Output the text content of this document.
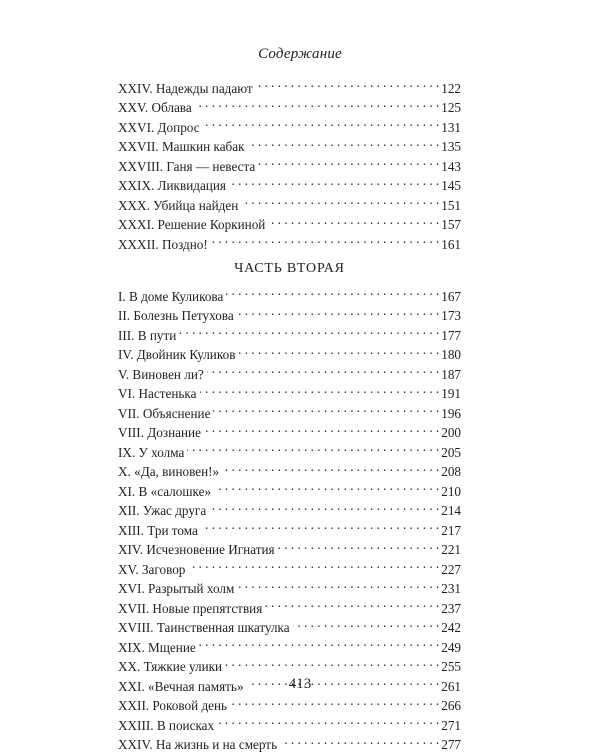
Содержание
XXIV. Надежды падают . . .	122
XXV. Облава . . .	125
XXVI. Допрос . . .	131
XXVII. Машкин кабак . . .	135
XXVIII. Ганя — невеста . . .	143
XXIX. Ликвидация . . .	145
XXX. Убийца найден . . .	151
XXXI. Решение Коркиной . . .	157
XXXII. Поздно! . . .	161
ЧАСТЬ ВТОРАЯ
I. В доме Куликова . . .	167
II. Болезнь Петухова . . .	173
III. В пути . . .	177
IV. Двойник Куликов . . .	180
V. Виновен ли? . . .	187
VI. Настенька . . .	191
VII. Объяснение . . .	196
VIII. Дознание . . .	200
IX. У холма . . .	205
X. «Да, виновен!» . . .	208
XI. В «салошке» . . .	210
XII. Ужас друга . . .	214
XIII. Три тома . . .	217
XIV. Исчезновение Игнатия . . .	221
XV. Заговор . . .	227
XVI. Разрытый холм . . .	231
XVII. Новые препятствия . . .	237
XVIII. Таинственная шкатулка . . .	242
XIX. Мщение . . .	249
XX. Тяжкие улики . . .	255
XXI. «Вечная память» . . .	261
XXII. Роковой день . . .	266
XXIII. В поисках . . .	271
XXIV. На жизнь и на смерть . . .	277
413
